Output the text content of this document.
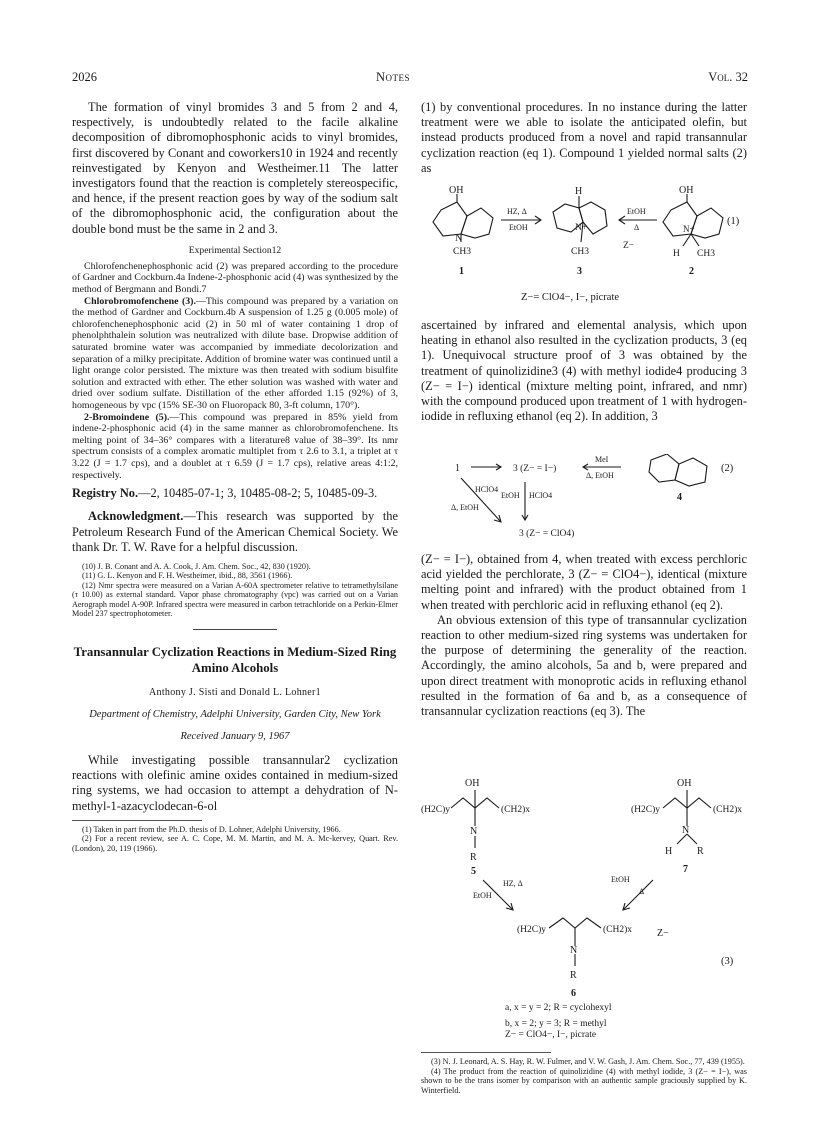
2026	Notes	Vol. 32

The formation of vinyl bromides 3 and 5 from 2 and 4, respectively, is undoubtedly related to the facile alkaline decomposition of dibromophosphonic acids to vinyl bromides, first discovered by Conant and coworkers10 in 1924 and recently reinvestigated by Kenyon and Westheimer.11 The latter investigators found that the reaction is completely stereospecific, and hence, if the present reaction goes by way of the sodium salt of the dibromophosphonic acid, the configuration about the double bond must be the same in 2 and 3.

Experimental Section12

Chlorofenchenephosphonic acid (2) was prepared according to the procedure of Gardner and Cockburn.4a Indene-2-phosphonic acid (4) was synthesized by the method of Bergmann and Bondi.7

Chlorobromofenchene (3).—This compound was prepared by a variation on the method of Gardner and Cockburn.4b A suspension of 1.25 g (0.005 mole) of chlorofenchenephosphonic acid (2) in 50 ml of water containing 1 drop of phenolphthalein solution was neutralized with dilute base. Dropwise addition of saturated bromine water was accompanied by immediate decolorization and separation of a milky precipitate. Addition of bromine water was continued until a light orange color persisted. The mixture was then treated with sodium bisulfite solution and extracted with ether. The ether solution was washed with water and dried over sodium sulfate. Distillation of the ether afforded 1.15 (92%) of 3, homogeneous by vpc (15% SE-30 on Fluoropack 80, 3-ft column, 170°).

2-Bromoindene (5).—This compound was prepared in 85% yield from indene-2-phosphonic acid (4) in the same manner as chlorobromofenchene. Its melting point of 34–36° compares with a literature8 value of 38–39°. Its nmr spectrum consists of a complex aromatic multiplet from τ 2.6 to 3.1, a triplet at τ 3.22 (J = 1.7 cps), and a doublet at τ 6.59 (J = 1.7 cps), relative areas 4:1:2, respectively.

Registry No.—2, 10485-07-1; 3, 10485-08-2; 5, 10485-09-3.

Acknowledgment.—This research was supported by the Petroleum Research Fund of the American Chemical Society. We thank Dr. T. W. Rave for a helpful discussion.

(10) J. B. Conant and A. A. Cook, J. Am. Chem. Soc., 42, 830 (1920).

(11) G. L. Kenyon and F. H. Westheimer, ibid., 88, 3561 (1966).

(12) Nmr spectra were measured on a Varian A-60A spectrometer relative to tetramethylsilane (τ 10.00) as external standard. Vapor phase chromatography (vpc) was carried out on a Varian Aerograph model A-90P. Infrared spectra were measured in carbon tetrachloride on a Perkin-Elmer Model 237 spectrophotometer.

Transannular Cyclization Reactions in Medium-Sized Ring Amino Alcohols
Anthony J. Sisti and Donald L. Lohner1
Department of Chemistry, Adelphi University, Garden City, New York
Received January 9, 1967

While investigating possible transannular2 cyclization reactions with olefinic amine oxides contained in medium-sized ring systems, we had occasion to attempt a dehydration of N-methyl-1-azacyclodecan-6-ol

(1) Taken in part from the Ph.D. thesis of D. Lohner, Adelphi University, 1966.

(2) For a recent review, see A. C. Cope, M. M. Martin, and M. A. Mc-kervey, Quart. Rev. (London), 20, 119 (1966).

(1) by conventional procedures. In no instance during the latter treatment were we able to isolate the anticipated olefin, but instead products produced from a novel and rapid transannular cyclization reaction (eq 1). Compound 1 yielded normal salts (2) as

OH
N
CH3
HZ, Δ
EtOH
H
N+
CH3
Z−
EtOH
Δ
OH
N+
H CH3
(1)
1	3	2
Z−= ClO4−, I−, picrate

ascertained by infrared and elemental analysis, which upon heating in ethanol also resulted in the cyclization products, 3 (eq 1). Unequivocal structure proof of 3 was obtained by the treatment of quinolizidine3 (4) with methyl iodide4 producing 3 (Z− = I−) identical (mixture melting point, infrared, and nmr) with the compound produced upon treatment of 1 with hydrogen-iodide in refluxing ethanol (eq 2). In addition, 3

1	3 (Z− = I−)
MeI
Δ, EtOH
HClO4
Δ, EtOH
EtOH HClO4
3 (Z− = ClO4)
4
(2)

(Z− = I−), obtained from 4, when treated with excess perchloric acid yielded the perchlorate, 3 (Z− = ClO4−), identical (mixture melting point and infrared) with the product obtained from 1 when treated with perchloric acid in refluxing ethanol (eq 2).

An obvious extension of this type of transannular cyclization reaction to other medium-sized ring systems was undertaken for the purpose of determining the generality of the reaction. Accordingly, the amino alcohols, 5a and b, were prepared and upon direct treatment with monoprotic acids in refluxing ethanol resulted in the formation of 6a and b, as a consequence of transannular cyclization reactions (eq 3). The

OH
(H2C)y	(CH2)x
N
R
5
OH
(H2C)y	(CH2)x
N
H R
7
HZ, Δ
EtOH
EtOH
Δ
(H2C)y	(CH2)x
N
R
Z−
(3)
6
a, x = y = 2; R = cyclohexyl
b, x = 2; y = 3; R = methyl
Z− = ClO4−, I−, picrate

(3) N. J. Leonard, A. S. Hay, R. W. Fulmer, and V. W. Gash, J. Am. Chem. Soc., 77, 439 (1955).

(4) The product from the reaction of quinolizidine (4) with methyl iodide, 3 (Z− = I−), was shown to be the trans isomer by comparison with an authentic sample graciously supplied by K. Winterfield.
